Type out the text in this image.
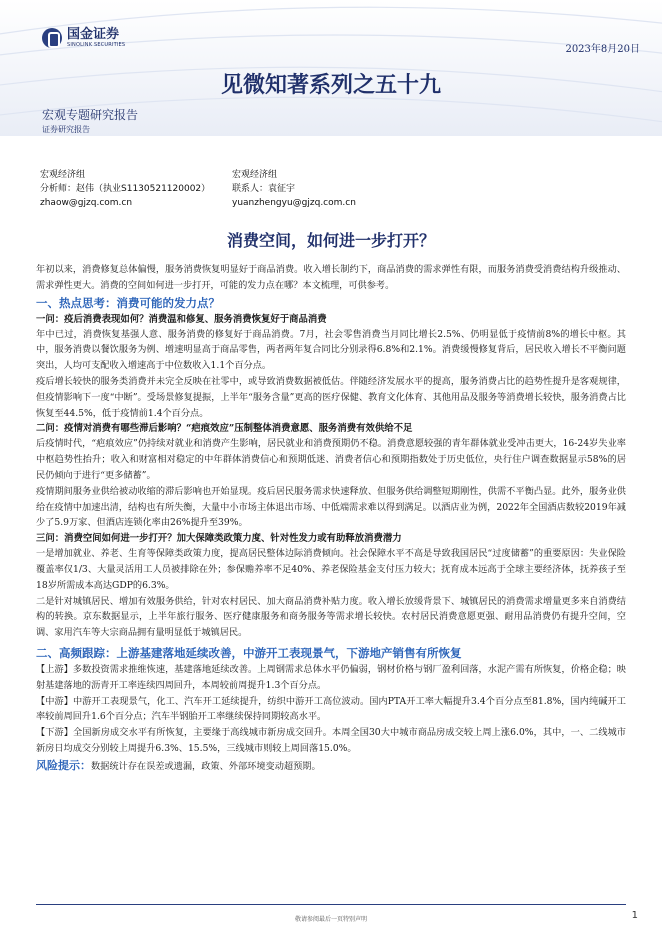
国金证券
SINOLINK SECURITIES	2023年8月20日
见微知著系列之五十九
宏观专题研究报告
证券研究报告
宏观经济组
分析师：赵伟（执业S1130521120002）
zhaow@gjzq.com.cn
宏观经济组
联系人：袁征宇
yuanzhengyu@gjzq.com.cn
消费空间，如何进一步打开？

年初以来，消费修复总体偏慢，服务消费恢复明显好于商品消费。收入增长制约下，商品消费的需求弹性有限，而服务消费受消费结构升级推动、需求弹性更大。消费的空间如何进一步打开，可能的发力点在哪？本文梳理，可供参考。

一、热点思考：消费可能的发力点？
一问：疫后消费表现如何？消费温和修复、服务消费恢复好于商品消费

年中已过，消费恢复基强人意、服务消费的修复好于商品消费。7月，社会零售消费当月同比增长2.5%、仍明显低于疫情前8%的增长中枢。其中，服务消费以餐饮服务为例、增速明显高于商品零售，两者两年复合同比分别录得6.8%和2.1%。消费缓慢修复背后，居民收入增长不平衡问题突出，人均可支配收入增速高于中位数收入1.1个百分点。

疫后增长较快的服务类消费并未完全反映在社零中，或导致消费数据被低估。伴随经济发展水平的提高，服务消费占比的趋势性提升是客观规律，但疫情影响下一度“中断”。受场景修复提振，上半年“服务含量”更高的医疗保健、教育文化体育、其他用品及服务等消费增长较快，服务消费占比恢复至44.5%，低于疫情前1.4个百分点。

二问：疫情对消费有哪些滞后影响？“疤痕效应”压制整体消费意愿、服务消费有效供给不足

后疫情时代，“疤痕效应”仍持续对就业和消费产生影响，居民就业和消费预期仍不稳。消费意愿较强的青年群体就业受冲击更大，16-24岁失业率中枢趋势性抬升；收入和财富相对稳定的中年群体消费信心和预期低迷、消费者信心和预期指数处于历史低位，央行住户调查数据显示58%的居民仍倾向于进行“更多储蓄”。

疫情期间服务业供给被动收缩的滞后影响也开始显现。疫后居民服务需求快速释放、但服务供给调整短期刚性，供需不平衡凸显。此外，服务业供给在疫情中加速出清，结构也有所失衡，大量中小市场主体退出市场、中低端需求难以得到满足。以酒店业为例，2022年全国酒店数较2019年减少了5.9万家、但酒店连锁化率由26%提升至39%。

三问：消费空间如何进一步打开？加大保障类政策力度、针对性发力或有助释放消费潜力

一是增加就业、养老、生育等保障类政策力度，提高居民整体边际消费倾向。社会保障水平不高是导致我国居民“过度储蓄”的重要原因：失业保险覆盖率仅1/3、大量灵活用工人员被排除在外；参保赡养率不足40%、养老保险基金支付压力较大；抚育成本远高于全球主要经济体，抚养孩子至18岁所需成本高达GDP的6.3%。

二是针对城镇居民、增加有效服务供给，针对农村居民、加大商品消费补贴力度。收入增长放缓背景下、城镇居民的消费需求增量更多来自消费结构的转换。京东数据显示，上半年旅行服务、医疗健康服务和商务服务等需求增长较快。农村居民消费意愿更强、耐用品消费仍有提升空间，空调、家用汽车等大宗商品拥有量明显低于城镇居民。

二、高频跟踪：上游基建落地延续改善，中游开工表现景气，下游地产销售有所恢复

【上游】多数投资需求推维恢速，基建落地延续改善。上周钢需求总体水平仍偏弱，钢材价格与钢厂盈利回落，水泥产需有所恢复，价格企稳；映射基建落地的沥青开工率连续四周回升，本周较前周提升1.3个百分点。

【中游】中游开工表现景气，化工、汽车开工延续提升，纺织中游开工高位波动。国内PTA开工率大幅提升3.4个百分点至81.8%，国内纯碱开工率较前周回升1.6个百分点；汽车半钢胎开工率继续保持同期较高水平。

【下游】全国新房成交水平有所恢复，主要缘于高线城市新房成交回升。本周全国30大中城市商品房成交较上周上涨6.0%，其中，一、二线城市新房日均成交分别较上周提升6.3%、15.5%，三线城市则较上周回落15.0%。

风险提示：数据统计存在误差或遗漏，政策、外部环境变动超预期。

敬请参阅最后一页特别声明	1
